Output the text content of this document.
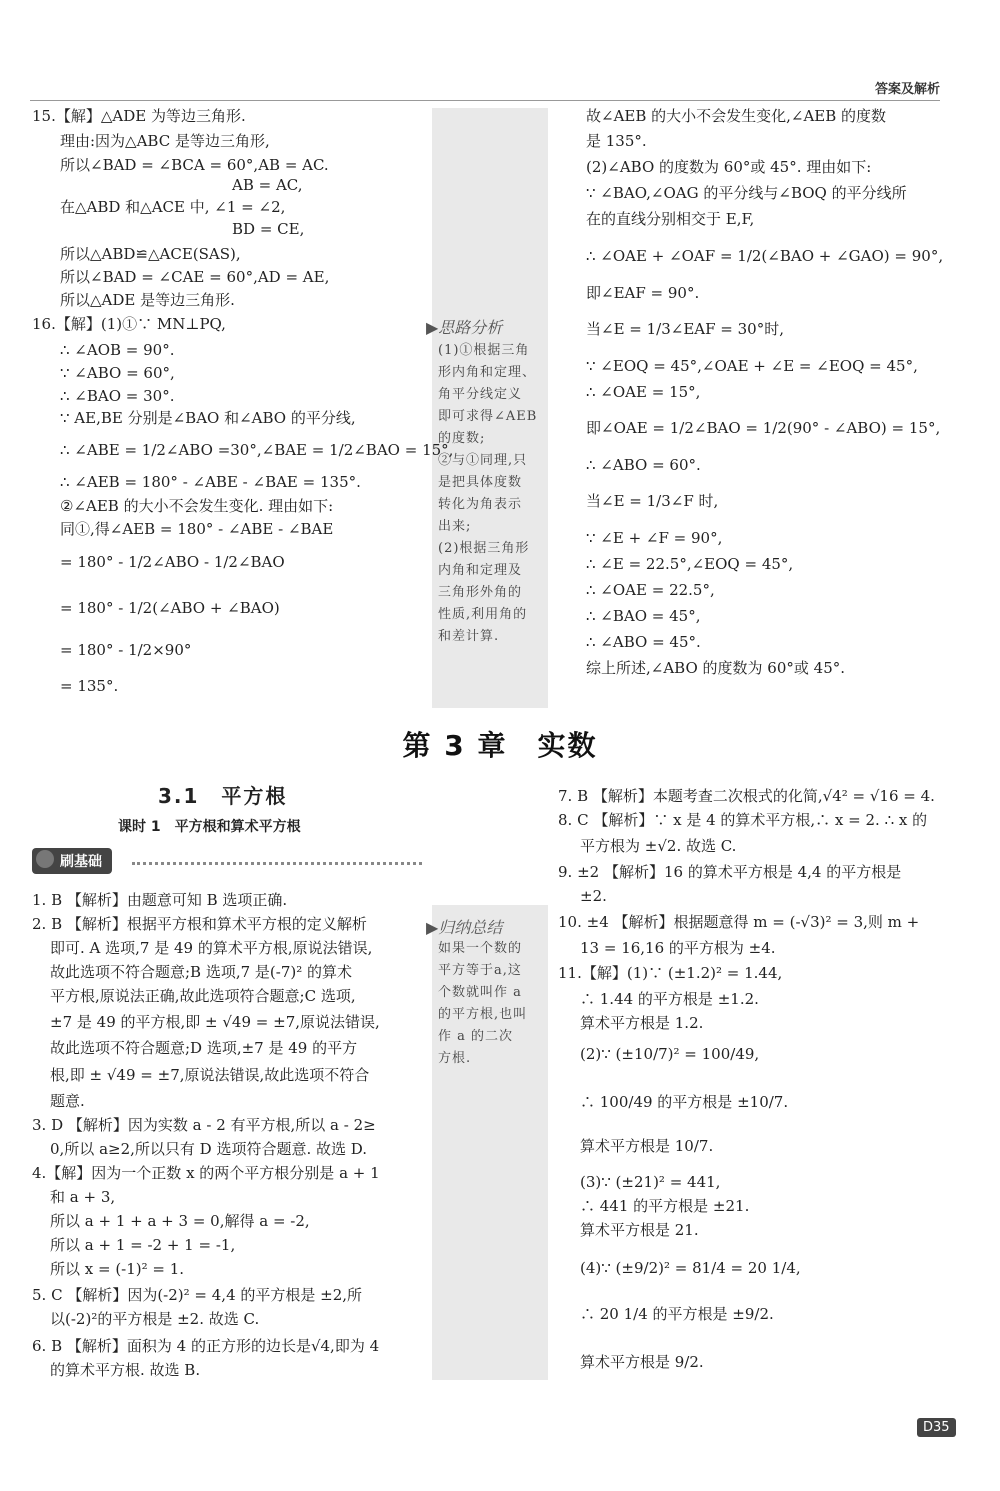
答案及解析
▶思路分析
(1)①根据三角
形内角和定理、
角平分线定义
即可求得∠AEB
的度数;
②与①同理,只
是把具体度数
转化为角表示
出来;
(2)根据三角形
内角和定理及
三角形外角的
性质,利用角的
和差计算.
▶归纳总结
如果一个数的
平方等于a,这
个数就叫作 a
的平方根,也叫
作 a 的二次
方根.
15.【解】△ADE 为等边三角形.
理由:因为△ABC 是等边三角形,
所以∠BAD = ∠BCA = 60°,AB = AC.
AB = AC,
在△ABD 和△ACE 中, ∠1 = ∠2,
BD = CE,
所以△ABD≌△ACE(SAS),
所以∠BAD = ∠CAE = 60°,AD = AE,
所以△ADE 是等边三角形.
16.【解】(1)①∵ MN⊥PQ,
∴ ∠AOB = 90°.
∵ ∠ABO = 60°,
∴ ∠BAO = 30°.
∵ AE,BE 分别是∠BAO 和∠ABO 的平分线,
∴ ∠ABE = 1/2∠ABO =30°,∠BAE = 1/2∠BAO = 15°,
∴ ∠AEB = 180° - ∠ABE - ∠BAE = 135°.
②∠AEB 的大小不会发生变化. 理由如下:
同①,得∠AEB = 180° - ∠ABE - ∠BAE
= 180° - 1/2∠ABO - 1/2∠BAO
= 180° - 1/2(∠ABO + ∠BAO)
= 180° - 1/2×90°
= 135°.
故∠AEB 的大小不会发生变化,∠AEB 的度数
是 135°.
(2)∠ABO 的度数为 60°或 45°. 理由如下:
∵ ∠BAO,∠OAG 的平分线与∠BOQ 的平分线所
在的直线分别相交于 E,F,
∴ ∠OAE + ∠OAF = 1/2(∠BAO + ∠GAO) = 90°,
即∠EAF = 90°.
当∠E = 1/3∠EAF = 30°时,
∵ ∠EOQ = 45°,∠OAE + ∠E = ∠EOQ = 45°,
∴ ∠OAE = 15°,
即∠OAE = 1/2∠BAO = 1/2(90° - ∠ABO) = 15°,
∴ ∠ABO = 60°.
当∠E = 1/3∠F 时,
∵ ∠E + ∠F = 90°,
∴ ∠E = 22.5°,∠EOQ = 45°,
∴ ∠OAE = 22.5°,
∴ ∠BAO = 45°,
∴ ∠ABO = 45°.
综上所述,∠ABO 的度数为 60°或 45°.
第 3 章　实数
3.1　平方根
课时 1　平方根和算术平方根
刷基础
1. B 【解析】由题意可知 B 选项正确.
2. B 【解析】根据平方根和算术平方根的定义解析
即可. A 选项,7 是 49 的算术平方根,原说法错误,
故此选项不符合题意;B 选项,7 是(-7)² 的算术
平方根,原说法正确,故此选项符合题意;C 选项,
±7 是 49 的平方根,即 ± √49 = ±7,原说法错误,
故此选项不符合题意;D 选项,±7 是 49 的平方
根,即 ± √49 = ±7,原说法错误,故此选项不符合
题意.
3. D 【解析】因为实数 a - 2 有平方根,所以 a - 2≥
0,所以 a≥2,所以只有 D 选项符合题意. 故选 D.
4.【解】因为一个正数 x 的两个平方根分别是 a + 1
和 a + 3,
所以 a + 1 + a + 3 = 0,解得 a = -2,
所以 a + 1 = -2 + 1 = -1,
所以 x = (-1)² = 1.
5. C 【解析】因为(-2)² = 4,4 的平方根是 ±2,所
以(-2)²的平方根是 ±2. 故选 C.
6. B 【解析】面积为 4 的正方形的边长是√4,即为 4
的算术平方根. 故选 B.
7. B 【解析】本题考查二次根式的化简,√4² = √16 = 4.
8. C 【解析】∵ x 是 4 的算术平方根,∴ x = 2. ∴ x 的
平方根为 ±√2. 故选 C.
9. ±2 【解析】16 的算术平方根是 4,4 的平方根是
±2.
10. ±4 【解析】根据题意得 m = (-√3)² = 3,则 m +
13 = 16,16 的平方根为 ±4.
11.【解】(1)∵ (±1.2)² = 1.44,
∴ 1.44 的平方根是 ±1.2.
算术平方根是 1.2.
(2)∵ (±10/7)² = 100/49,
∴ 100/49 的平方根是 ±10/7.
算术平方根是 10/7.
(3)∵ (±21)² = 441,
∴ 441 的平方根是 ±21.
算术平方根是 21.
(4)∵ (±9/2)² = 81/4 = 20 1/4,
∴ 20 1/4 的平方根是 ±9/2.
算术平方根是 9/2.
D35
